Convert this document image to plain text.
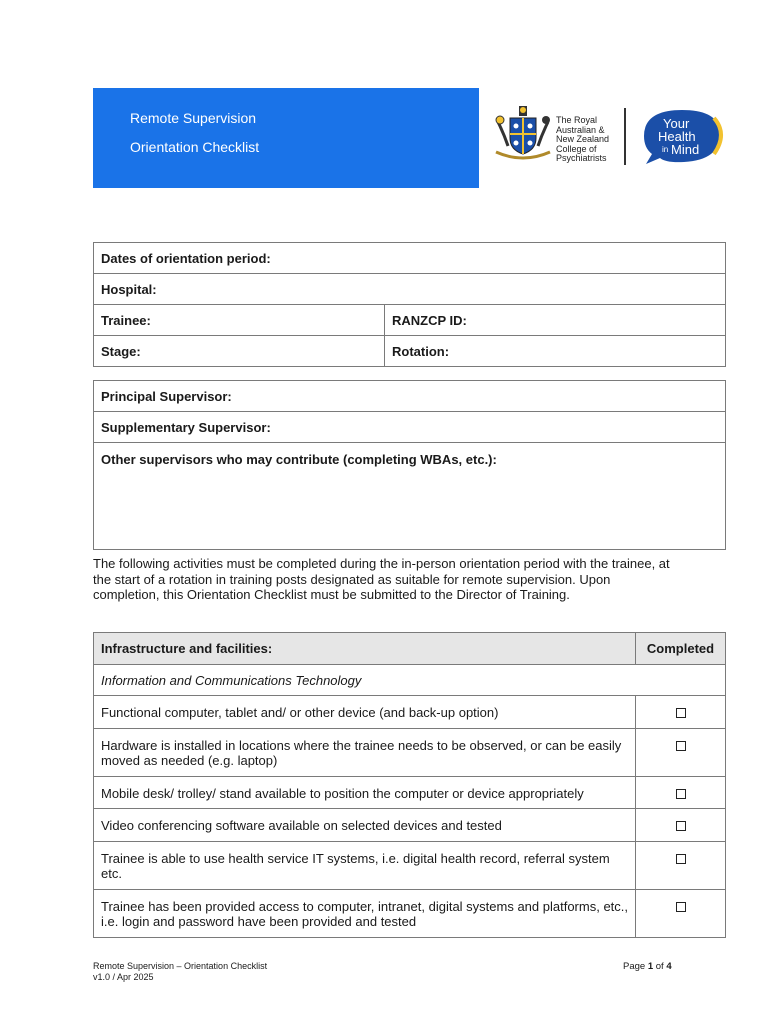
Remote Supervision
Orientation Checklist
The Royal
Australian &
New Zealand
College of
Psychiatrists
Your
Health
in Mind
Dates of orientation period:	
Hospital:	
Trainee:	RANZCP ID:
Stage:	Rotation:
Principal Supervisor:
Supplementary Supervisor:
Other supervisors who may contribute (completing WBAs, etc.):
The following activities must be completed during the in-person orientation period with the trainee, at the start of a rotation in training posts designated as suitable for remote supervision. Upon completion, this Orientation Checklist must be submitted to the Director of Training.
Infrastructure and facilities:	Completed
Information and Communications Technology	
Functional computer, tablet and/ or other device (and back-up option)	
Hardware is installed in locations where the trainee needs to be observed, or can be easily moved as needed (e.g. laptop)	
Mobile desk/ trolley/ stand available to position the computer or device appropriately	
Video conferencing software available on selected devices and tested	
Trainee is able to use health service IT systems, i.e. digital health record, referral system etc.	
Trainee has been provided access to computer, intranet, digital systems and platforms, etc., i.e. login and password have been provided and tested	
Remote Supervision – Orientation Checklist
v1.0 / Apr 2025
Page 1 of 4
